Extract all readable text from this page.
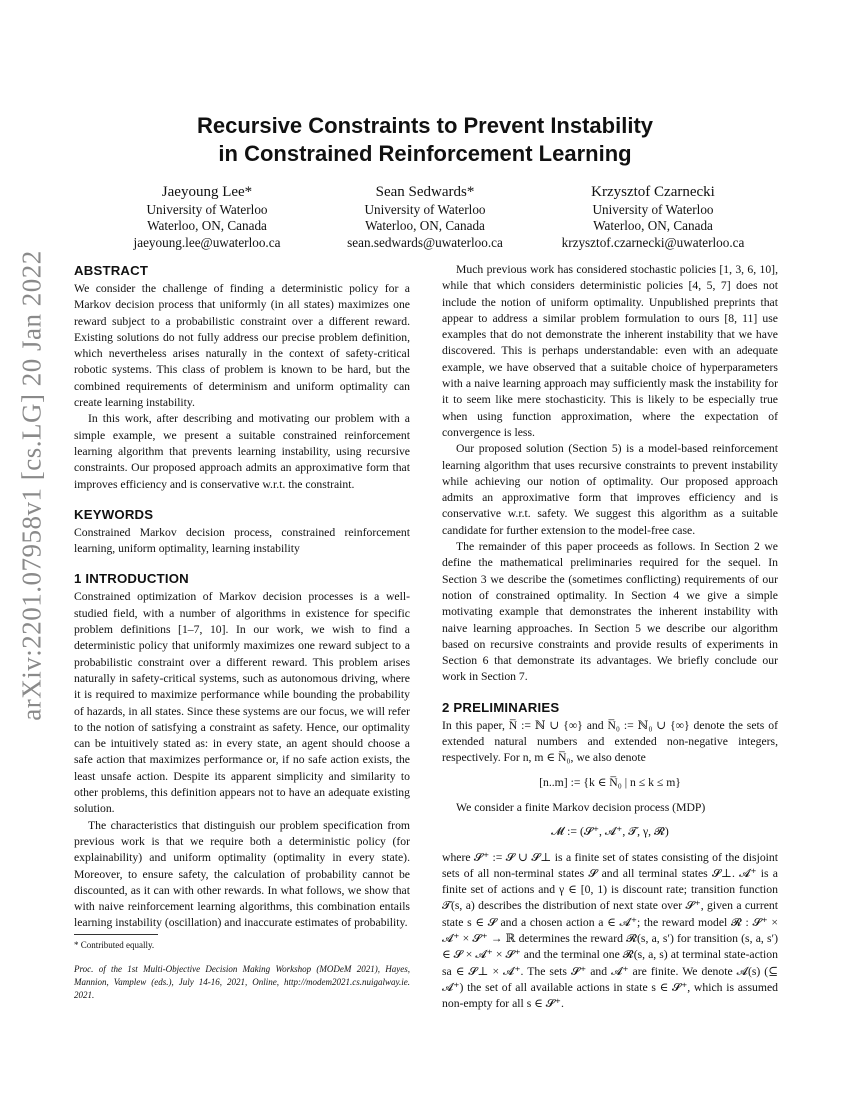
arXiv:2201.07958v1 [cs.LG] 20 Jan 2022
Recursive Constraints to Prevent Instability
in Constrained Reinforcement Learning
Jaeyoung Lee*
University of Waterloo
Waterloo, ON, Canada
jaeyoung.lee@uwaterloo.ca
Sean Sedwards*
University of Waterloo
Waterloo, ON, Canada
sean.sedwards@uwaterloo.ca
Krzysztof Czarnecki
University of Waterloo
Waterloo, ON, Canada
krzysztof.czarnecki@uwaterloo.ca
ABSTRACT

We consider the challenge of finding a deterministic policy for a Markov decision process that uniformly (in all states) maximizes one reward subject to a probabilistic constraint over a different reward. Existing solutions do not fully address our precise problem definition, which nevertheless arises naturally in the context of safety-critical robotic systems. This class of problem is known to be hard, but the combined requirements of determinism and uniform optimality can create learning instability.

In this work, after describing and motivating our problem with a simple example, we present a suitable constrained reinforcement learning algorithm that prevents learning instability, using recursive constraints. Our proposed approach admits an approximative form that improves efficiency and is conservative w.r.t. the constraint.

KEYWORDS

Constrained Markov decision process, constrained reinforcement learning, uniform optimality, learning instability

1 INTRODUCTION

Constrained optimization of Markov decision processes is a well-studied field, with a number of algorithms in existence for specific problem definitions [1–7, 10]. In our work, we wish to find a deterministic policy that uniformly maximizes one reward subject to a probabilistic constraint over a different reward. This problem arises naturally in safety-critical systems, such as autonomous driving, where it is required to maximize performance while bounding the probability of hazards, in all states. Since these systems are our focus, we will refer to the notion of satisfying a constraint as safety. Hence, our optimality can be intuitively stated as: in every state, an agent should choose a safe action that maximizes performance or, if no safe action exists, the least unsafe action. Despite its apparent simplicity and similarity to other problems, this definition appears not to have an adequate existing solution.

The characteristics that distinguish our problem specification from previous work is that we require both a deterministic policy (for explainability) and uniform optimality (optimality in every state). Moreover, to ensure safety, the calculation of probability cannot be discounted, as it can with other rewards. In what follows, we show that with naive reinforcement learning algorithms, this combination entails learning instability (oscillation) and inaccurate estimates of probability.

Much previous work has considered stochastic policies [1, 3, 6, 10], while that which considers deterministic policies [4, 5, 7] does not include the notion of uniform optimality. Unpublished preprints that appear to address a similar problem formulation to ours [8, 11] use examples that do not demonstrate the inherent instability that we have discovered. This is perhaps understandable: even with an adequate example, we have observed that a suitable choice of hyperparameters with a naive learning approach may sufficiently mask the instability for it to seem like mere stochasticity. This is likely to be especially true when using function approximation, where the expectation of convergence is less.

Our proposed solution (Section 5) is a model-based reinforcement learning algorithm that uses recursive constraints to prevent instability while achieving our notion of optimality. Our proposed approach admits an approximative form that improves efficiency and is conservative w.r.t. safety. We suggest this algorithm as a suitable candidate for further extension to the model-free case.

The remainder of this paper proceeds as follows. In Section 2 we define the mathematical preliminaries required for the sequel. In Section 3 we describe the (sometimes conflicting) requirements of our notion of constrained optimality. In Section 4 we give a simple motivating example that demonstrates the inherent instability with naive learning approaches. In Section 5 we describe our algorithm based on recursive constraints and provide results of experiments in Section 6 that demonstrate its advantages. We briefly conclude our work in Section 7.

2 PRELIMINARIES

In this paper, N̅ := ℕ ∪ {∞} and N̅₀ := ℕ₀ ∪ {∞} denote the sets of extended natural numbers and extended non-negative integers, respectively. For n, m ∈ N̅₀, we also denote

[n..m] := {k ∈ N̅₀ | n ≤ k ≤ m}

We consider a finite Markov decision process (MDP)

𝓜 := (𝓢⁺, 𝓐⁺, 𝓣, γ, 𝓡)

where 𝓢⁺ := 𝓢 ∪ 𝓢⊥ is a finite set of states consisting of the disjoint sets of all non-terminal states 𝓢 and all terminal states 𝓢⊥. 𝓐⁺ is a finite set of actions and γ ∈ [0, 1) is discount rate; transition function 𝓣(s, a) describes the distribution of next state over 𝓢⁺, given a current state s ∈ 𝓢 and a chosen action a ∈ 𝓐⁺; the reward model 𝓡 : 𝓢⁺ × 𝓐⁺ × 𝓢⁺ → ℝ determines the reward 𝓡(s, a, s′) for transition (s, a, s′) ∈ 𝓢 × 𝓐⁺ × 𝓢⁺ and the terminal one 𝓡(s, a, s) at terminal state-action sa ∈ 𝓢⊥ × 𝓐⁺. The sets 𝓢⁺ and 𝓐⁺ are finite. We denote 𝓐(s) (⊆ 𝓐⁺) the set of all available actions in state s ∈ 𝓢⁺, which is assumed non-empty for all s ∈ 𝓢⁺.

* Contributed equally.
Proc. of the 1st Multi-Objective Decision Making Workshop (MODeM 2021), Hayes, Mannion, Vamplew (eds.), July 14-16, 2021, Online, http://modem2021.cs.nuigalway.ie. 2021.
